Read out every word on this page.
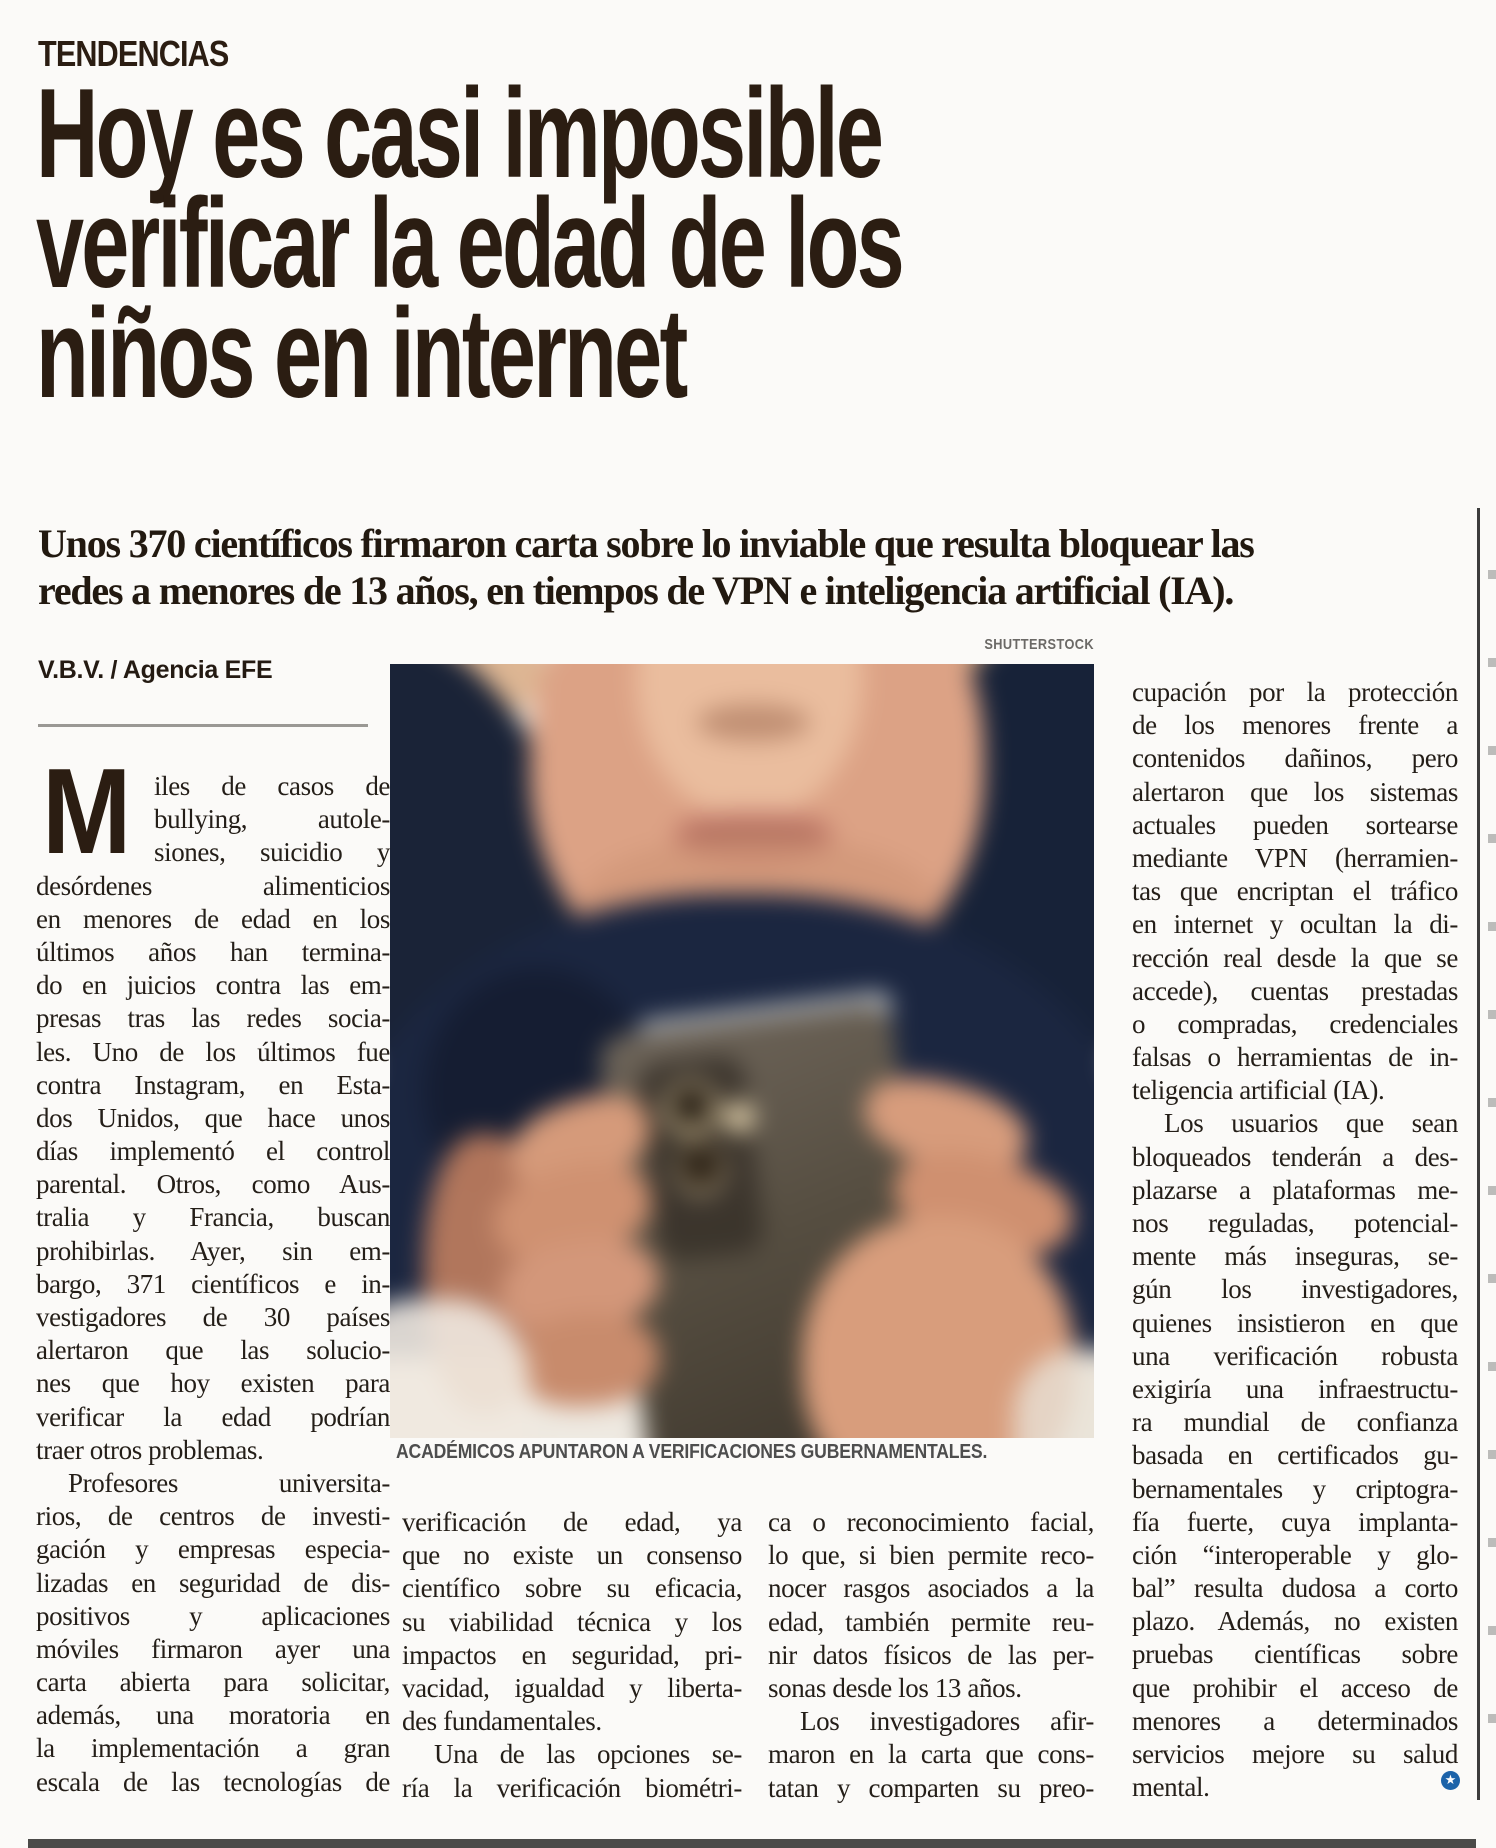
TENDENCIAS
Hoy es casi imposible
verificar la edad de los
niños en internet
Unos 370 científicos firmaron carta sobre lo inviable que resulta bloquear las
redes a menores de 13 años, en tiempos de VPN e inteligencia artificial (IA).
SHUTTERSTOCK
V.B.V. / Agencia EFE
ACADÉMICOS APUNTARON A VERIFICACIONES GUBERNAMENTALES.
M iles de casos de
bullying, autole-
siones, suicidio y
desórdenes alimenticios
en menores de edad en los
últimos años han termina-
do en juicios contra las em-
presas tras las redes socia-
les. Uno de los últimos fue
contra Instagram, en Esta-
dos Unidos, que hace unos
días implementó el control
parental. Otros, como Aus-
tralia y Francia, buscan
prohibirlas. Ayer, sin em-
bargo, 371 científicos e in-
vestigadores de 30 países
alertaron que las solucio-
nes que hoy existen para
verificar la edad podrían
traer otros problemas.
Profesores universita-
rios, de centros de investi-
gación y empresas especia-
lizadas en seguridad de dis-
positivos y aplicaciones
móviles firmaron ayer una
carta abierta para solicitar,
además, una moratoria en
la implementación a gran
escala de las tecnologías de
verificación de edad, ya
que no existe un consenso
científico sobre su eficacia,
su viabilidad técnica y los
impactos en seguridad, pri-
vacidad, igualdad y liberta-
des fundamentales.
Una de las opciones se-
ría la verificación biométri-
ca o reconocimiento facial,
lo que, si bien permite reco-
nocer rasgos asociados a la
edad, también permite reu-
nir datos físicos de las per-
sonas desde los 13 años.
Los investigadores afir-
maron en la carta que cons-
tatan y comparten su preo-
cupación por la protección
de los menores frente a
contenidos dañinos, pero
alertaron que los sistemas
actuales pueden sortearse
mediante VPN (herramien-
tas que encriptan el tráfico
en internet y ocultan la di-
rección real desde la que se
accede), cuentas prestadas
o compradas, credenciales
falsas o herramientas de in-
teligencia artificial (IA).
Los usuarios que sean
bloqueados tenderán a des-
plazarse a plataformas me-
nos reguladas, potencial-
mente más inseguras, se-
gún los investigadores,
quienes insistieron en que
una verificación robusta
exigiría una infraestructu-
ra mundial de confianza
basada en certificados gu-
bernamentales y criptogra-
fía fuerte, cuya implanta-
ción “interoperable y glo-
bal” resulta dudosa a corto
plazo. Además, no existen
pruebas científicas sobre
que prohibir el acceso de
menores a determinados
servicios mejore su salud
mental.	★
